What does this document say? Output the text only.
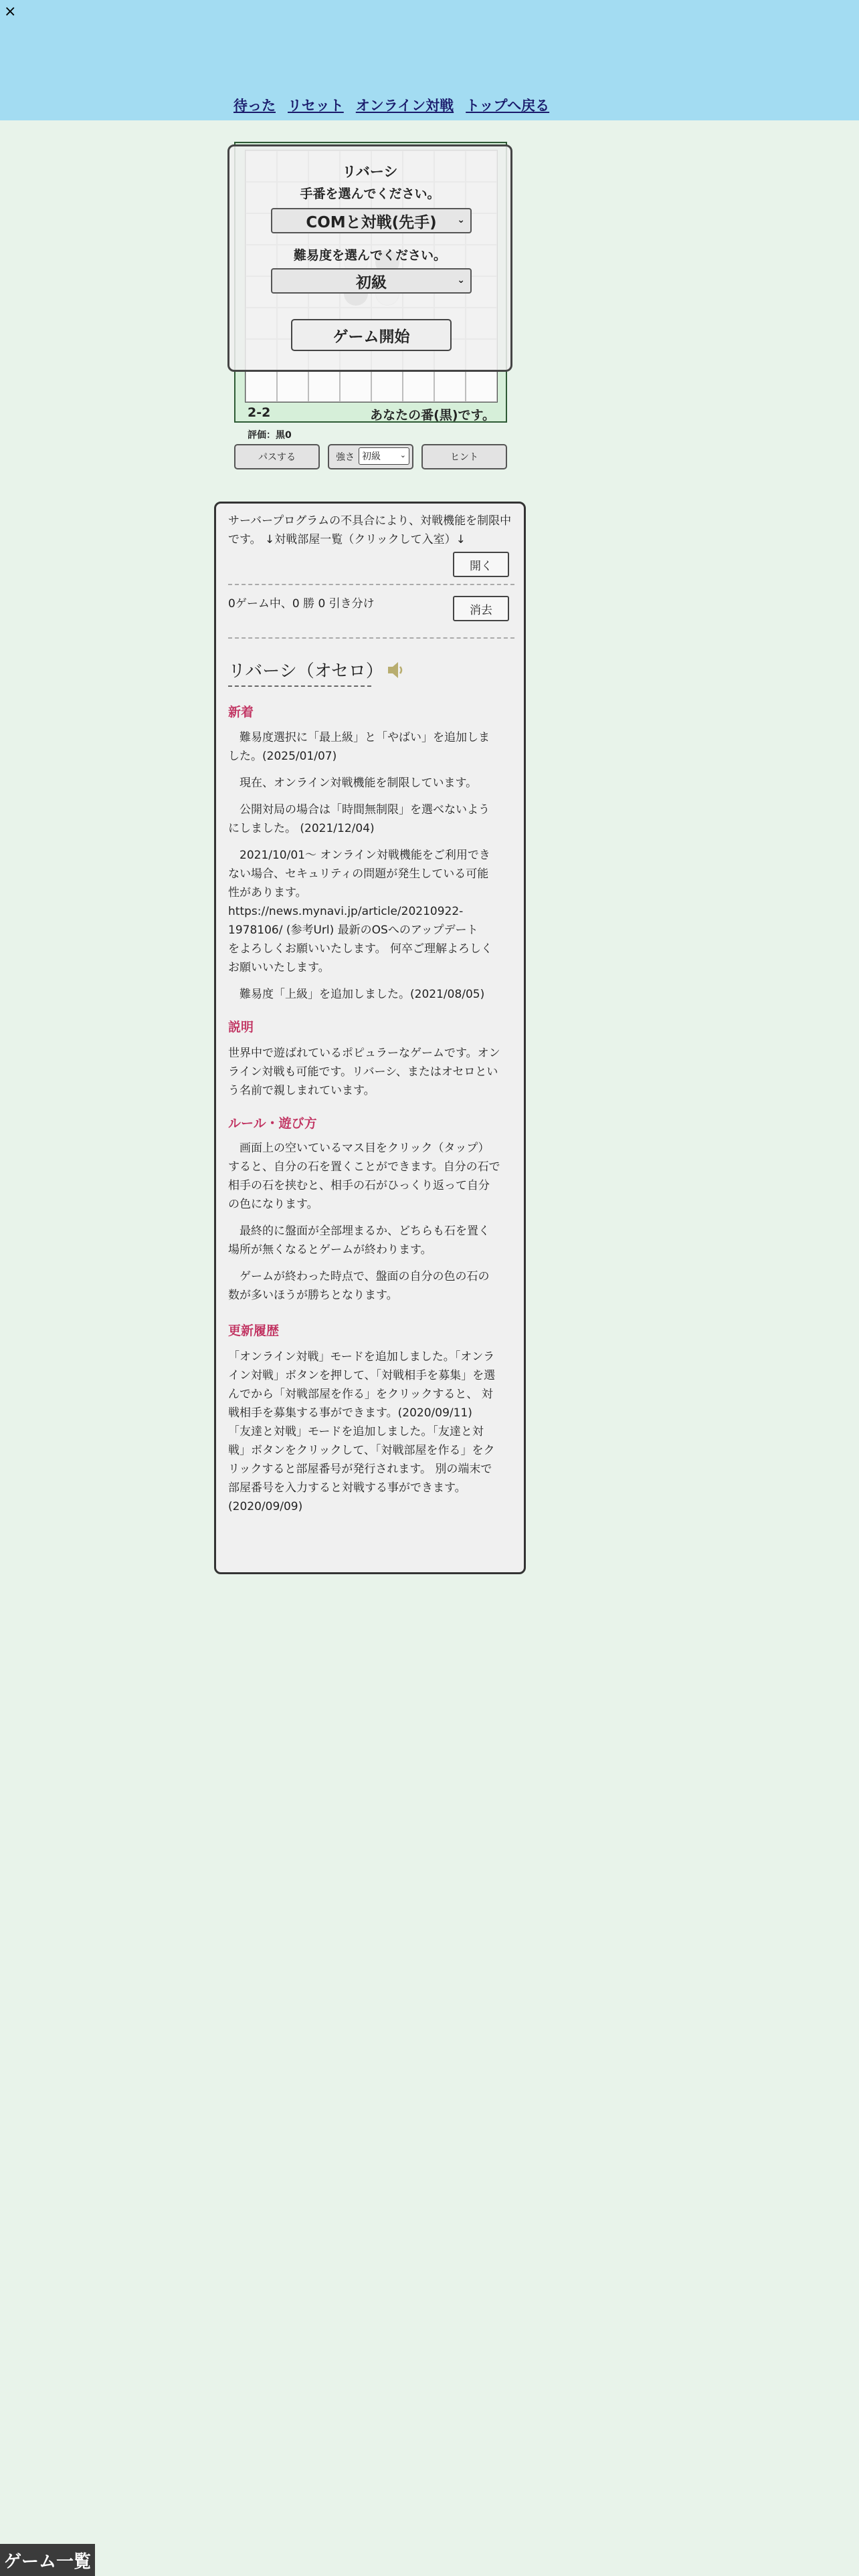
×
待った リセット オンライン対戦 トップへ戻る
2-2	あなたの番(黒)です。
リバーシ
手番を選んでください。
COMと対戦(先手) ⌄
難易度を選んでください。
初級	⌄
ゲーム開始
評価：黒0
パスする	強さ 初級	⌄	ヒント
サーバープログラムの不具合により、対戦機能を制限中です。 ↓対戦部屋一覧（クリックして入室）↓
開く
0ゲーム中、0 勝 0 引き分け	消去
リバーシ（オセロ）
新着
説明
ルール・遊び方
更新履歴
　難易度選択に「最上級」と「やばい」を追加しま
した。(2025/01/07)
　現在、オンライン対戦機能を制限しています。
　公開対局の場合は「時間無制限」を選べないよう
にしました。 (2021/12/04)
　2021/10/01〜 オンライン対戦機能をご利用でき
ない場合、セキュリティの問題が発生している可能
性があります。
https://news.mynavi.jp/article/20210922-
1978106/ (参考Url) 最新のOSへのアップデート
をよろしくお願いいたします。 何卒ご理解よろしく
お願いいたします。
　難易度「上級」を追加しました。(2021/08/05)
世界中で遊ばれているポピュラーなゲームです。オン
ライン対戦も可能です。リバーシ、またはオセロとい
う名前で親しまれています。
　画面上の空いているマス目をクリック（タップ）
すると、自分の石を置くことができます。自分の石で
相手の石を挟むと、相手の石がひっくり返って自分
の色になります。
　最終的に盤面が全部埋まるか、どちらも石を置く
場所が無くなるとゲームが終わります。
　ゲームが終わった時点で、盤面の自分の色の石の
数が多いほうが勝ちとなります。
「オンライン対戦」モードを追加しました。「オンラ
イン対戦」ボタンを押して、「対戦相手を募集」を選
んでから「対戦部屋を作る」をクリックすると、 対
戦相手を募集する事ができます。(2020/09/11)
「友達と対戦」モードを追加しました。「友達と対
戦」ボタンをクリックして、「対戦部屋を作る」をク
リックすると部屋番号が発行されます。 別の端末で
部屋番号を入力すると対戦する事ができます。
(2020/09/09)
ゲーム一覧
